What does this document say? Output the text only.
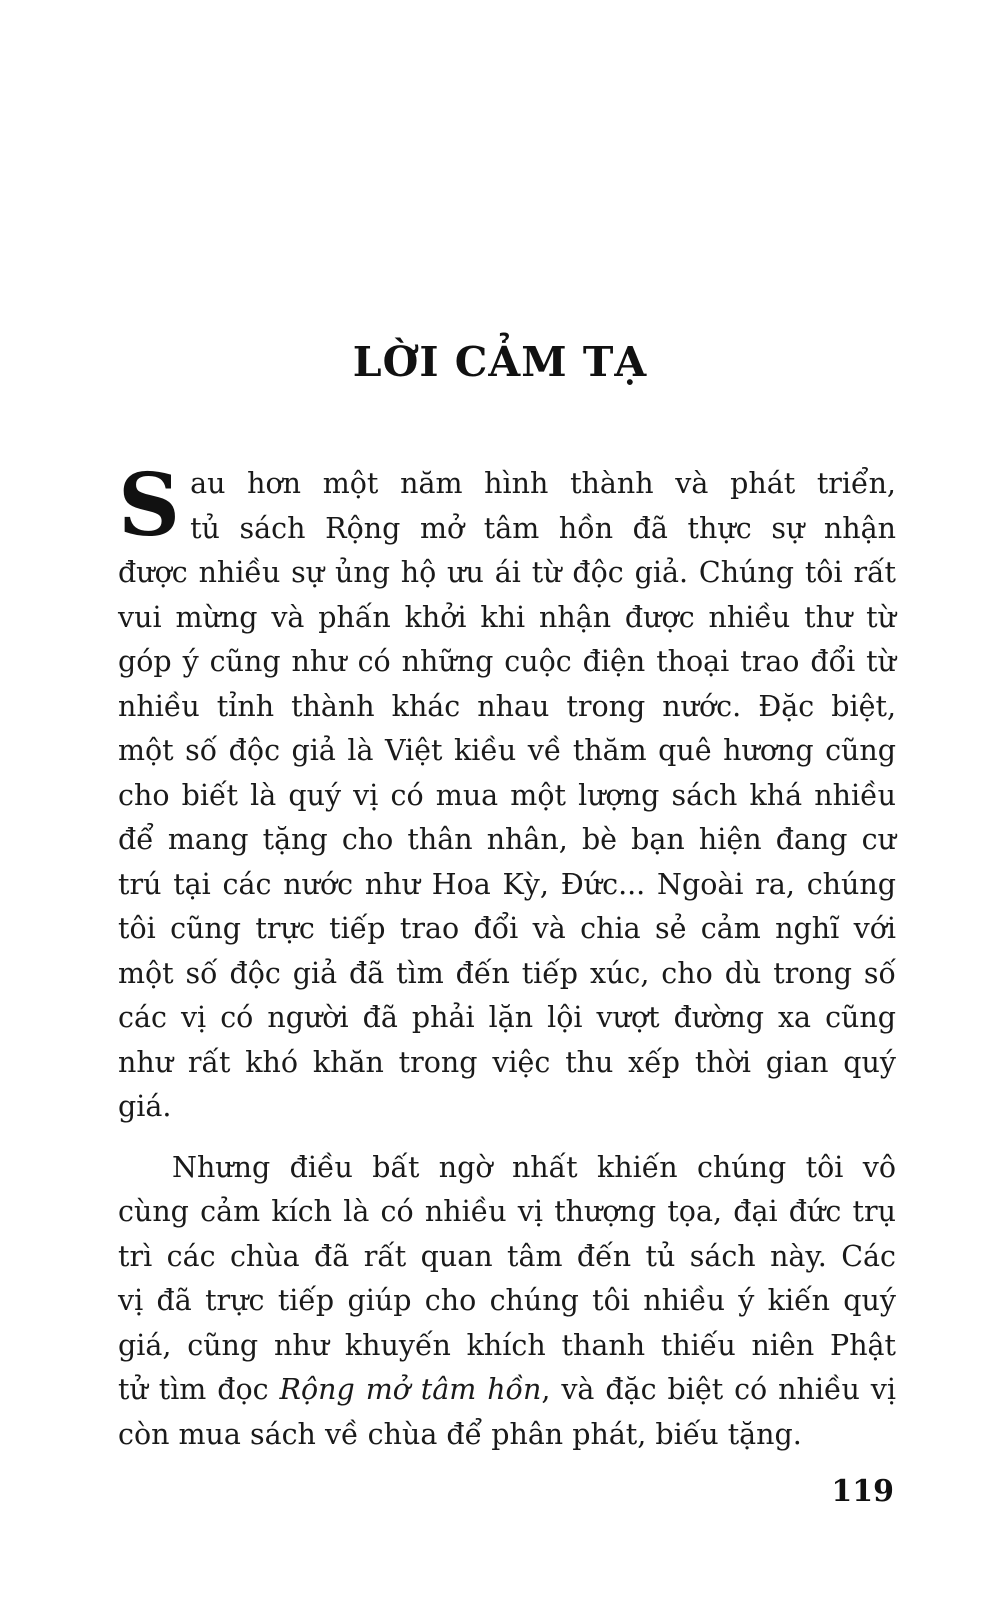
LỜI CẢM TẠ

S au hơn một năm hình thành và phát triển,
tủ sách Rộng mở tâm hồn đã thực sự nhận
được nhiều sự ủng hộ ưu ái từ độc giả. Chúng tôi rất
vui mừng và phấn khởi khi nhận được nhiều thư từ
góp ý cũng như có những cuộc điện thoại trao đổi từ
nhiều tỉnh thành khác nhau trong nước. Đặc biệt,
một số độc giả là Việt kiều về thăm quê hương cũng
cho biết là quý vị có mua một lượng sách khá nhiều
để mang tặng cho thân nhân, bè bạn hiện đang cư
trú tại các nước như Hoa Kỳ, Đức... Ngoài ra, chúng
tôi cũng trực tiếp trao đổi và chia sẻ cảm nghĩ với
một số độc giả đã tìm đến tiếp xúc, cho dù trong số
các vị có người đã phải lặn lội vượt đường xa cũng
như rất khó khăn trong việc thu xếp thời gian quý
giá.

Nhưng điều bất ngờ nhất khiến chúng tôi vô
cùng cảm kích là có nhiều vị thượng tọa, đại đức trụ
trì các chùa đã rất quan tâm đến tủ sách này. Các
vị đã trực tiếp giúp cho chúng tôi nhiều ý kiến quý
giá, cũng như khuyến khích thanh thiếu niên Phật
tử tìm đọc Rộng mở tâm hồn, và đặc biệt có nhiều vị
còn mua sách về chùa để phân phát, biếu tặng.

119
